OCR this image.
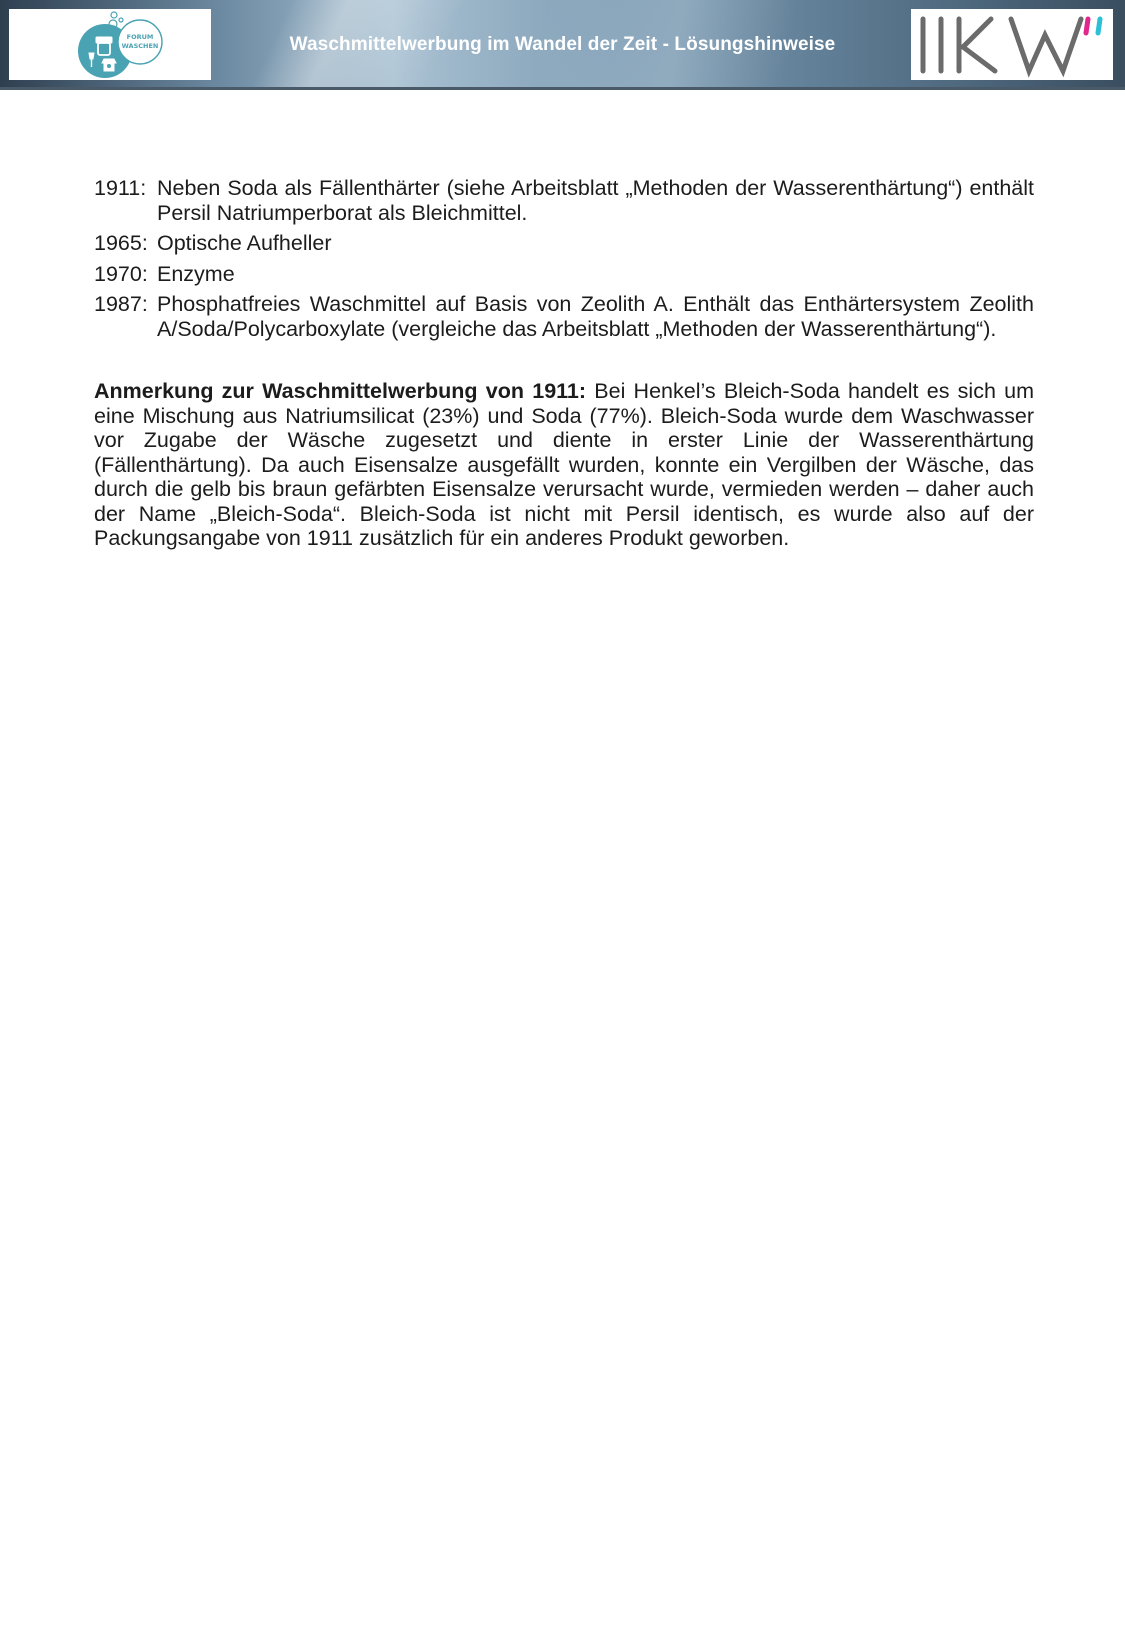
FORUM
WASCHEN	Waschmittelwerbung im Wandel der Zeit - Lösungshinweise
1911: Neben Soda als Fällenthärter (siehe Arbeitsblatt „Methoden der Wasserenthärtung“) enthält Persil Natriumperborat als Bleichmittel.
1965: Optische Aufheller
1970: Enzyme
1987: Phosphatfreies Waschmittel auf Basis von Zeolith A. Enthält das Enthärtersystem Zeolith A/Soda/Polycarboxylate (vergleiche das Arbeitsblatt „Methoden der Wasserenthärtung“).

Anmerkung zur Waschmittelwerbung von 1911: Bei Henkel’s Bleich-Soda handelt es sich um eine Mischung aus Natriumsilicat (23%) und Soda (77%). Bleich-Soda wurde dem Waschwasser vor Zugabe der Wäsche zugesetzt und diente in erster Linie der Wasserenthärtung (Fällenthärtung). Da auch Eisensalze ausgefällt wurden, konnte ein Vergilben der Wäsche, das durch die gelb bis braun gefärbten Eisensalze verursacht wurde, vermieden werden – daher auch der Name „Bleich-Soda“. Bleich-Soda ist nicht mit Persil identisch, es wurde also auf der Packungsangabe von 1911 zusätzlich für ein anderes Produkt geworben.
